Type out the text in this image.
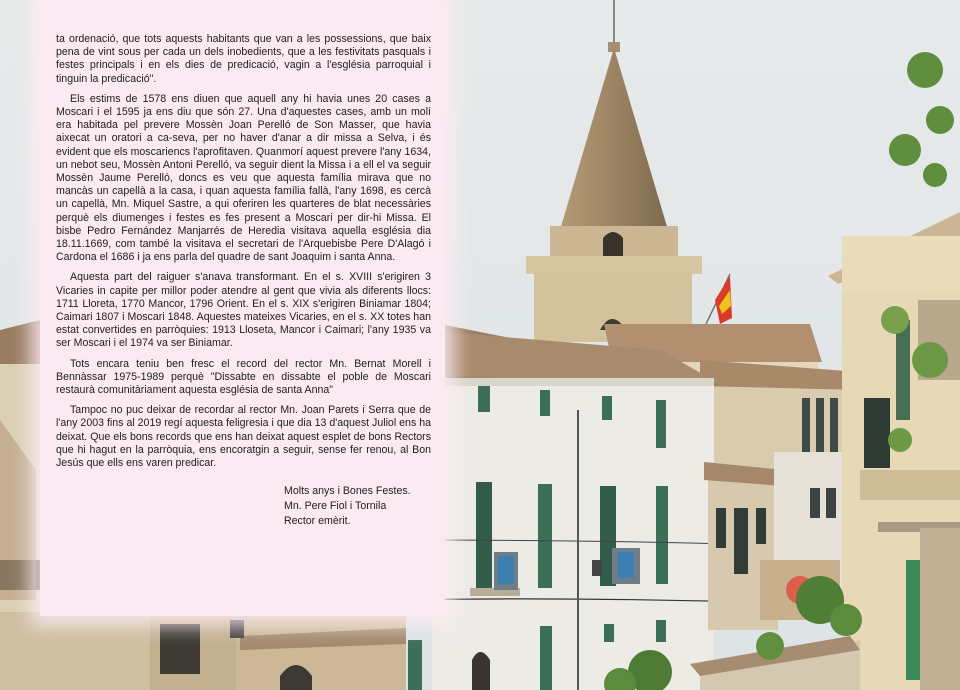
ta ordenació, que tots aquests habitants que van a les possessions, que baix pena de vint sous per cada un dels inobedients, que a les festivitats pasquals i festes principals i en els dies de predicació, vagin a l'església parroquial i tinguin la predicació".

Els estims de 1578 ens diuen que aquell any hi havia unes 20 cases a Moscari i el 1595 ja ens diu que són 27. Una d'aquestes cases, amb un molí era habitada pel prevere Mossèn Joan Perelló de Son Masser, que havia aixecat un oratori a ca-seva, per no haver d'anar a dir missa a Selva, i és evident que els moscariencs l'aprofitaven. Quanmorí aquest prevere l'any 1634, un nebot seu, Mossèn Antoni Perelló, va seguir dient la Missa i a ell el va seguir Mossèn Jaume Perelló, doncs es veu que aquesta família mirava que no mancàs un capellà a la casa, i quan aquesta família fallà, l'any 1698, es cercà un capellà, Mn. Miquel Sastre, a qui oferiren les quarteres de blat necessàries perquè els diumenges i festes es fes present a Moscari per dir-hi Missa. El bisbe Pedro Fernández Manjarrés de Heredia visitava aquella església dia 18.11.1669, com també la visitava el secretari de l'Arquebisbe Pere D'Alagó i Cardona el 1686 i ja ens parla del quadre de sant Joaquim i santa Anna.

Aquesta part del raiguer s'anava transformant. En el s. XVIII s'erigiren 3 Vicaries in capite per millor poder atendre al gent que vivia als diferents llocs: 1711 Lloreta, 1770 Mancor, 1796 Orient. En el s. XIX s'erigiren Biniamar 1804; Caimari 1807 i Moscari 1848. Aquestes mateixes Vicaries, en el s. XX totes han estat convertides en parròquies: 1913 Lloseta, Mancor i Caimari; l'any 1935 va ser Moscari i el 1974 va ser Biniamar.

Tots encara teniu ben fresc el record del rector Mn. Bernat Morell i Bennàssar 1975-1989 perquè "Dissabte en dissabte el poble de Moscari restaurà comunitàriament aquesta església de santa Anna"

Tampoc no puc deixar de recordar al rector Mn. Joan Parets i Serra que de l'any 2003 fins al 2019 regí aquesta feligresia i que dia 13 d'aquest Juliol ens ha deixat. Que els bons records que ens han deixat aquest esplet de bons Rectors que hi hagut en la parròquia, ens encoratgin a seguir, sense fer renou, al Bon Jesús que ells ens varen predicar.

Molts anys i Bones Festes.
Mn. Pere Fiol i Tornila
Rector emèrit.
